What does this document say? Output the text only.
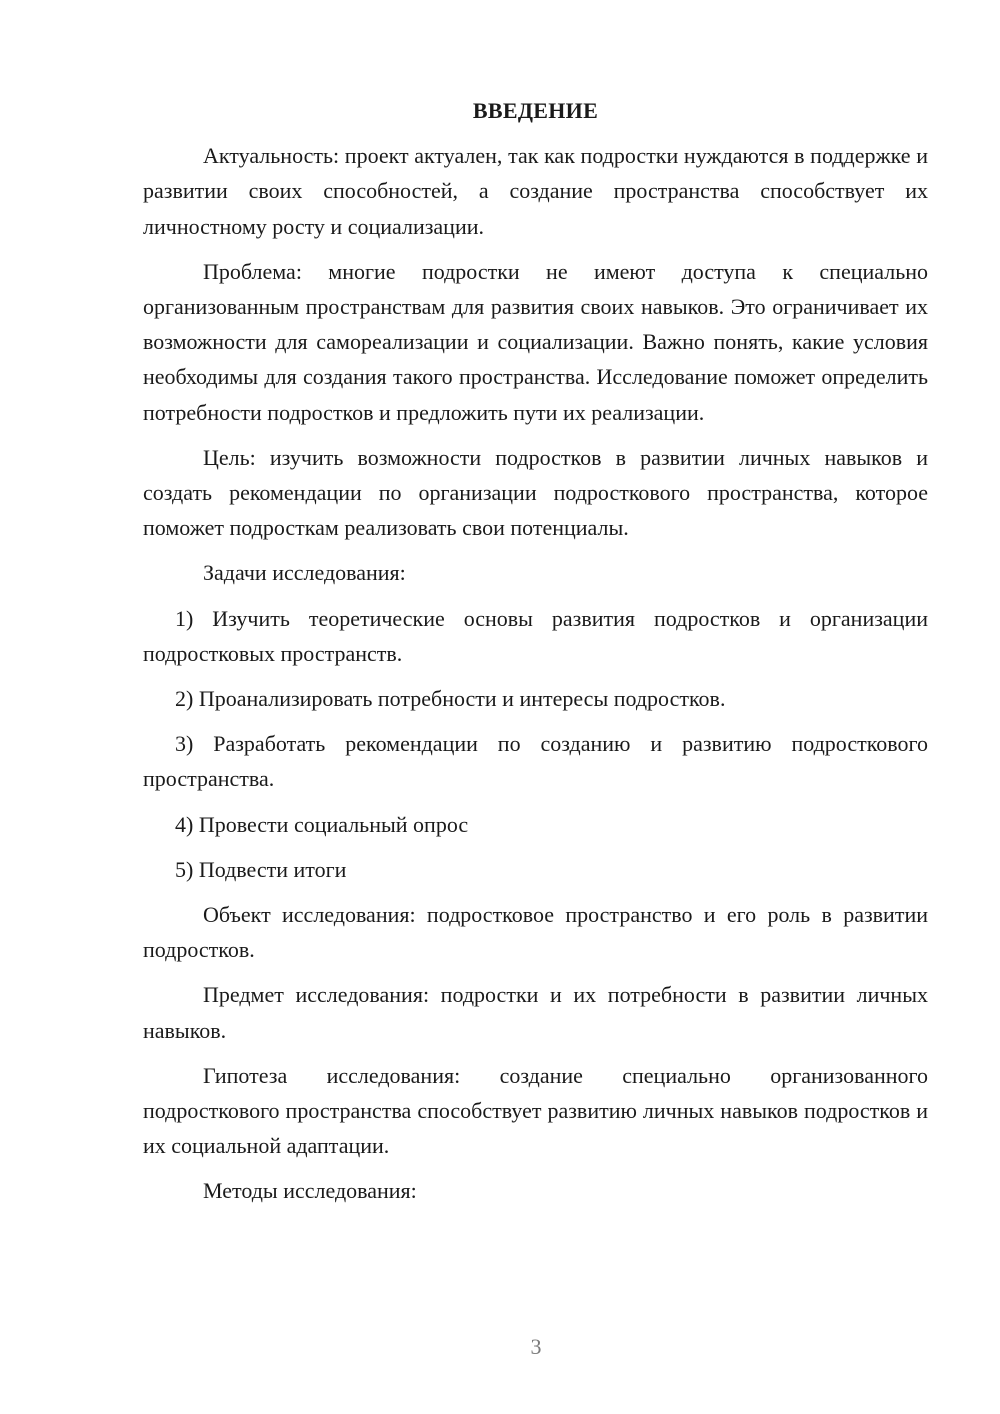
ВВЕДЕНИЕ

Актуальность: проект актуален, так как подростки нуждаются в поддержке и развитии своих способностей, а создание пространства способствует их личностному росту и социализации.

Проблема: многие подростки не имеют доступа к специально организованным пространствам для развития своих навыков. Это ограничивает их возможности для самореализации и социализации. Важно понять, какие условия необходимы для создания такого пространства. Исследование поможет определить потребности подростков и предложить пути их реализации.

Цель: изучить возможности подростков в развитии личных навыков и создать рекомендации по организации подросткового пространства, которое поможет подросткам реализовать свои потенциалы.

Задачи исследования:

1) Изучить теоретические основы развития подростков и организации подростковых пространств.

2) Проанализировать потребности и интересы подростков.

3) Разработать рекомендации по созданию и развитию подросткового пространства.

4) Провести социальный опрос

5) Подвести итоги

Объект исследования: подростковое пространство и его роль в развитии подростков.

Предмет исследования: подростки и их потребности в развитии личных навыков.

Гипотеза исследования: создание специально организованного подросткового пространства способствует развитию личных навыков подростков и их социальной адаптации.

Методы исследования:

3
